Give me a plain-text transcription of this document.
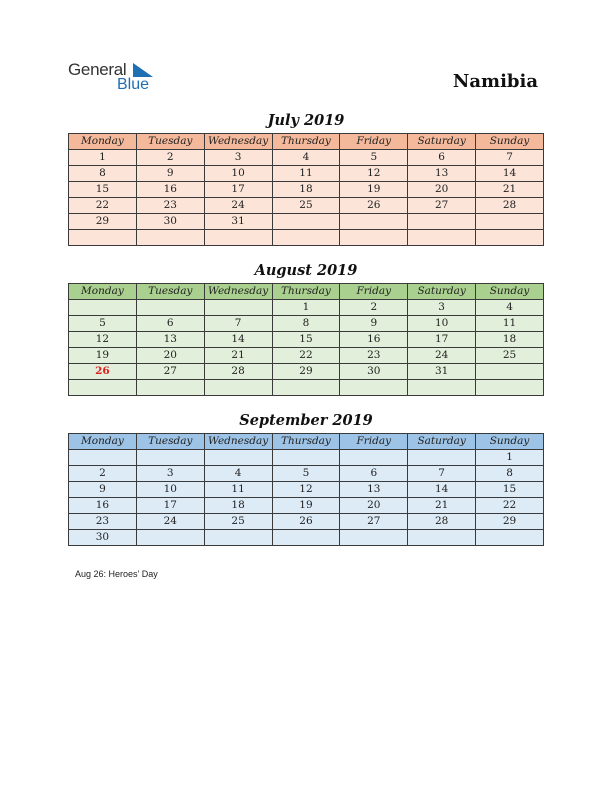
General
Blue	Namibia
July 2019
Monday	Tuesday	Wednesday	Thursday	Friday	Saturday	Sunday
1	2	3	4	5	6	7
8	9	10	11	12	13	14
15	16	17	18	19	20	21
22	23	24	25	26	27	28
29	30	31				

August 2019
Monday	Tuesday	Wednesday	Thursday	Friday	Saturday	Sunday
			1	2	3	4
5	6	7	8	9	10	11
12	13	14	15	16	17	18
19	20	21	22	23	24	25
26	27	28	29	30	31	

September 2019
Monday	Tuesday	Wednesday	Thursday	Friday	Saturday	Sunday
						1
2	3	4	5	6	7	8
9	10	11	12	13	14	15
16	17	18	19	20	21	22
23	24	25	26	27	28	29
30						
Aug 26: Heroes’ Day
